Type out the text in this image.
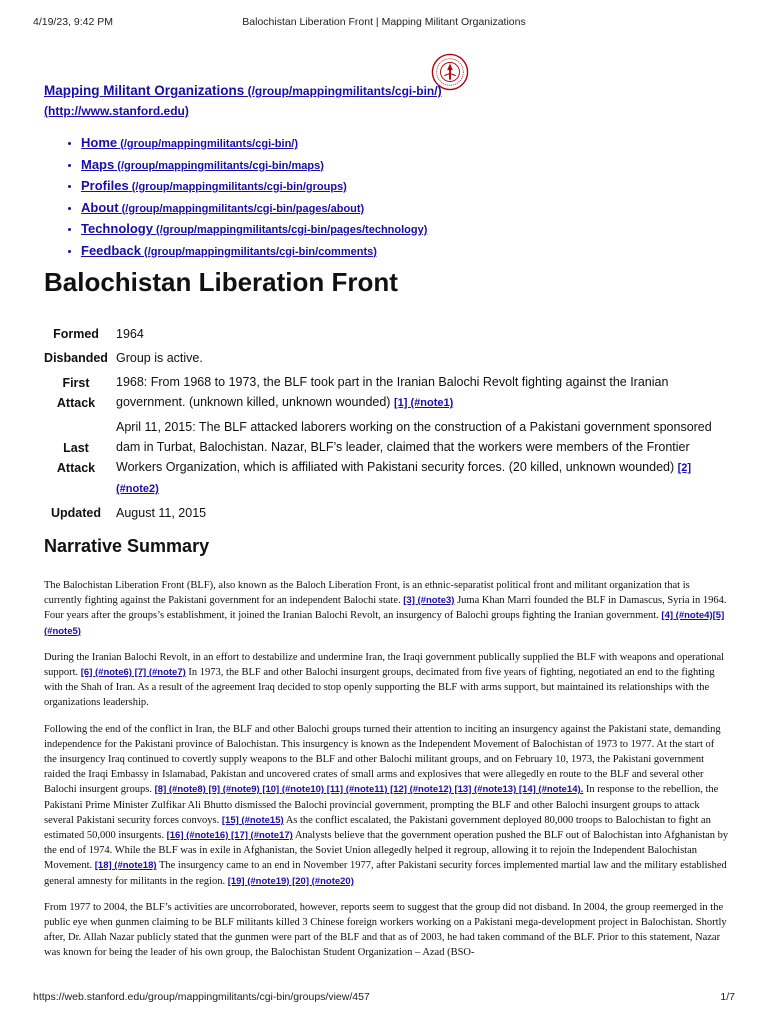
4/19/23, 9:42 PM	Balochistan Liberation Front | Mapping Militant Organizations
Mapping Militant Organizations (/group/mappingmilitants/cgi-bin/)
(http://www.stanford.edu)
• Home (/group/mappingmilitants/cgi-bin/)
• Maps (/group/mappingmilitants/cgi-bin/maps)
• Profiles (/group/mappingmilitants/cgi-bin/groups)
• About (/group/mappingmilitants/cgi-bin/pages/about)
• Technology (/group/mappingmilitants/cgi-bin/pages/technology)
• Feedback (/group/mappingmilitants/cgi-bin/comments)
Balochistan Liberation Front
Formed	1964
Disbanded	Group is active.
First Attack	1968: From 1968 to 1973, the BLF took part in the Iranian Balochi Revolt fighting against the Iranian government. (unknown killed, unknown wounded) [1] (#note1)
Last Attack	April 11, 2015: The BLF attacked laborers working on the construction of a Pakistani government sponsored dam in Turbat, Balochistan. Nazar, BLF’s leader, claimed that the workers were members of the Frontier Workers Organization, which is affiliated with Pakistani security forces. (20 killed, unknown wounded) [2] (#note2)
Updated	August 11, 2015
Narrative Summary

The Balochistan Liberation Front (BLF), also known as the Baloch Liberation Front, is an ethnic-separatist political front and militant organization that is currently fighting against the Pakistani government for an independent Balochi state. [3] (#note3) Juma Khan Marri founded the BLF in Damascus, Syria in 1964. Four years after the groups’s establishment, it joined the Iranian Balochi Revolt, an insurgency of Balochi groups fighting the Iranian government. [4] (#note4)[5] (#note5)

During the Iranian Balochi Revolt, in an effort to destabilize and undermine Iran, the Iraqi government publically supplied the BLF with weapons and operational support. [6] (#note6) [7] (#note7) In 1973, the BLF and other Balochi insurgent groups, decimated from five years of fighting, negotiated an end to the fighting with the Shah of Iran. As a result of the agreement Iraq decided to stop openly supporting the BLF with arms support, but maintained its relationships with the organizations leadership.

Following the end of the conflict in Iran, the BLF and other Balochi groups turned their attention to inciting an insurgency against the Pakistani state, demanding independence for the Pakistani province of Balochistan. This insurgency is known as the Independent Movement of Balochistan of 1973 to 1977. At the start of the insurgency Iraq continued to covertly supply weapons to the BLF and other Balochi militant groups, and on February 10, 1973, the Pakistani government raided the Iraqi Embassy in Islamabad, Pakistan and uncovered crates of small arms and explosives that were allegedly en route to the BLF and several other Balochi insurgent groups. [8] (#note8) [9] (#note9) [10] (#note10) [11] (#note11) [12] (#note12) [13] (#note13) [14] (#note14). In response to the rebellion, the Pakistani Prime Minister Zulfikar Ali Bhutto dismissed the Balochi provincial government, prompting the BLF and other Balochi insurgent groups to attack several Pakistani security forces convoys. [15] (#note15) As the conflict escalated, the Pakistani government deployed 80,000 troops to Balochistan to fight an estimated 50,000 insurgents. [16] (#note16) [17] (#note17) Analysts believe that the government operation pushed the BLF out of Balochistan into Afghanistan by the end of 1974. While the BLF was in exile in Afghanistan, the Soviet Union allegedly helped it regroup, allowing it to rejoin the Independent Balochistan Movement. [18] (#note18) The insurgency came to an end in November 1977, after Pakistani security forces implemented martial law and the military established general amnesty for militants in the region. [19] (#note19) [20] (#note20)

From 1977 to 2004, the BLF’s activities are uncorroborated, however, reports seem to suggest that the group did not disband. In 2004, the group reemerged in the public eye when gunmen claiming to be BLF militants killed 3 Chinese foreign workers working on a Pakistani mega-development project in Balochistan. Shortly after, Dr. Allah Nazar publicly stated that the gunmen were part of the BLF and that as of 2003, he had taken command of the BLF. Prior to this statement, Nazar was known for being the leader of his own group, the Balochistan Student Organization – Azad (BSO-

https://web.stanford.edu/group/mappingmilitants/cgi-bin/groups/view/457	1/7
